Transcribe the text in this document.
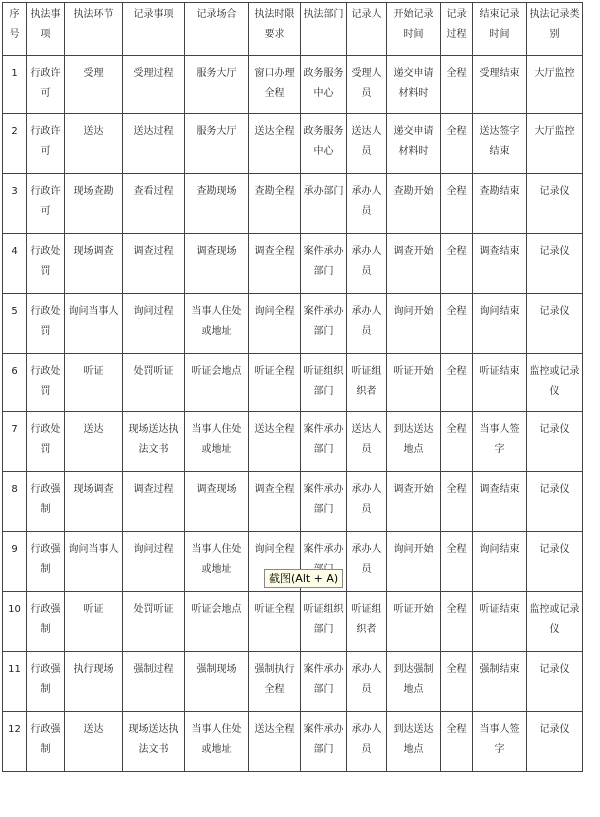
序号	执法事项	执法环节	记录事项	记录场合	执法时限要求	执法部门	记录人	开始记录时间	记录过程	结束记录时间	执法记录类别
1	行政许可	受理	受理过程	服务大厅	窗口办理全程	政务服务中心	受理人员	递交申请材料时	全程	受理结束	大厅监控
2	行政许可	送达	送达过程	服务大厅	送达全程	政务服务中心	送达人员	递交申请材料时	全程	送达签字结束	大厅监控
3	行政许可	现场查勘	查看过程	查勘现场	查勘全程	承办部门	承办人员	查勘开始	全程	查勘结束	记录仪
4	行政处罚	现场调查	调查过程	调查现场	调查全程	案件承办部门	承办人员	调查开始	全程	调查结束	记录仪
5	行政处罚	询问当事人	询问过程	当事人住处或地址	询问全程	案件承办部门	承办人员	询问开始	全程	询问结束	记录仪
6	行政处罚	听证	处罚听证	听证会地点	听证全程	听证组织部门	听证组织者	听证开始	全程	听证结束	监控或记录仪
7	行政处罚	送达	现场送达执法文书	当事人住处或地址	送达全程	案件承办部门	送达人员	到达送达地点	全程	当事人签字	记录仪
8	行政强制	现场调查	调查过程	调查现场	调查全程	案件承办部门	承办人员	调查开始	全程	调查结束	记录仪
9	行政强制	询问当事人	询问过程	当事人住处或地址	询问全程	案件承办	承办人员	询问开始	全程	询问结束	记录仪
10	行政强制	听证	处罚听证	听证会地点	听证全程	听证组织部门	听证组织者	听证开始	全程	听证结束	监控或记录仪
11	行政强制	执行现场	强制过程	强制现场	强制执行全程	案件承办部门	承办人员	到达强制地点	全程	强制结束	记录仪
12	行政强制	送达	现场送达执法文书	当事人住处或地址	送达全程	案件承办部门	承办人员	到达送达地点	全程	当事人签字	记录仪
截图(Alt + A)
